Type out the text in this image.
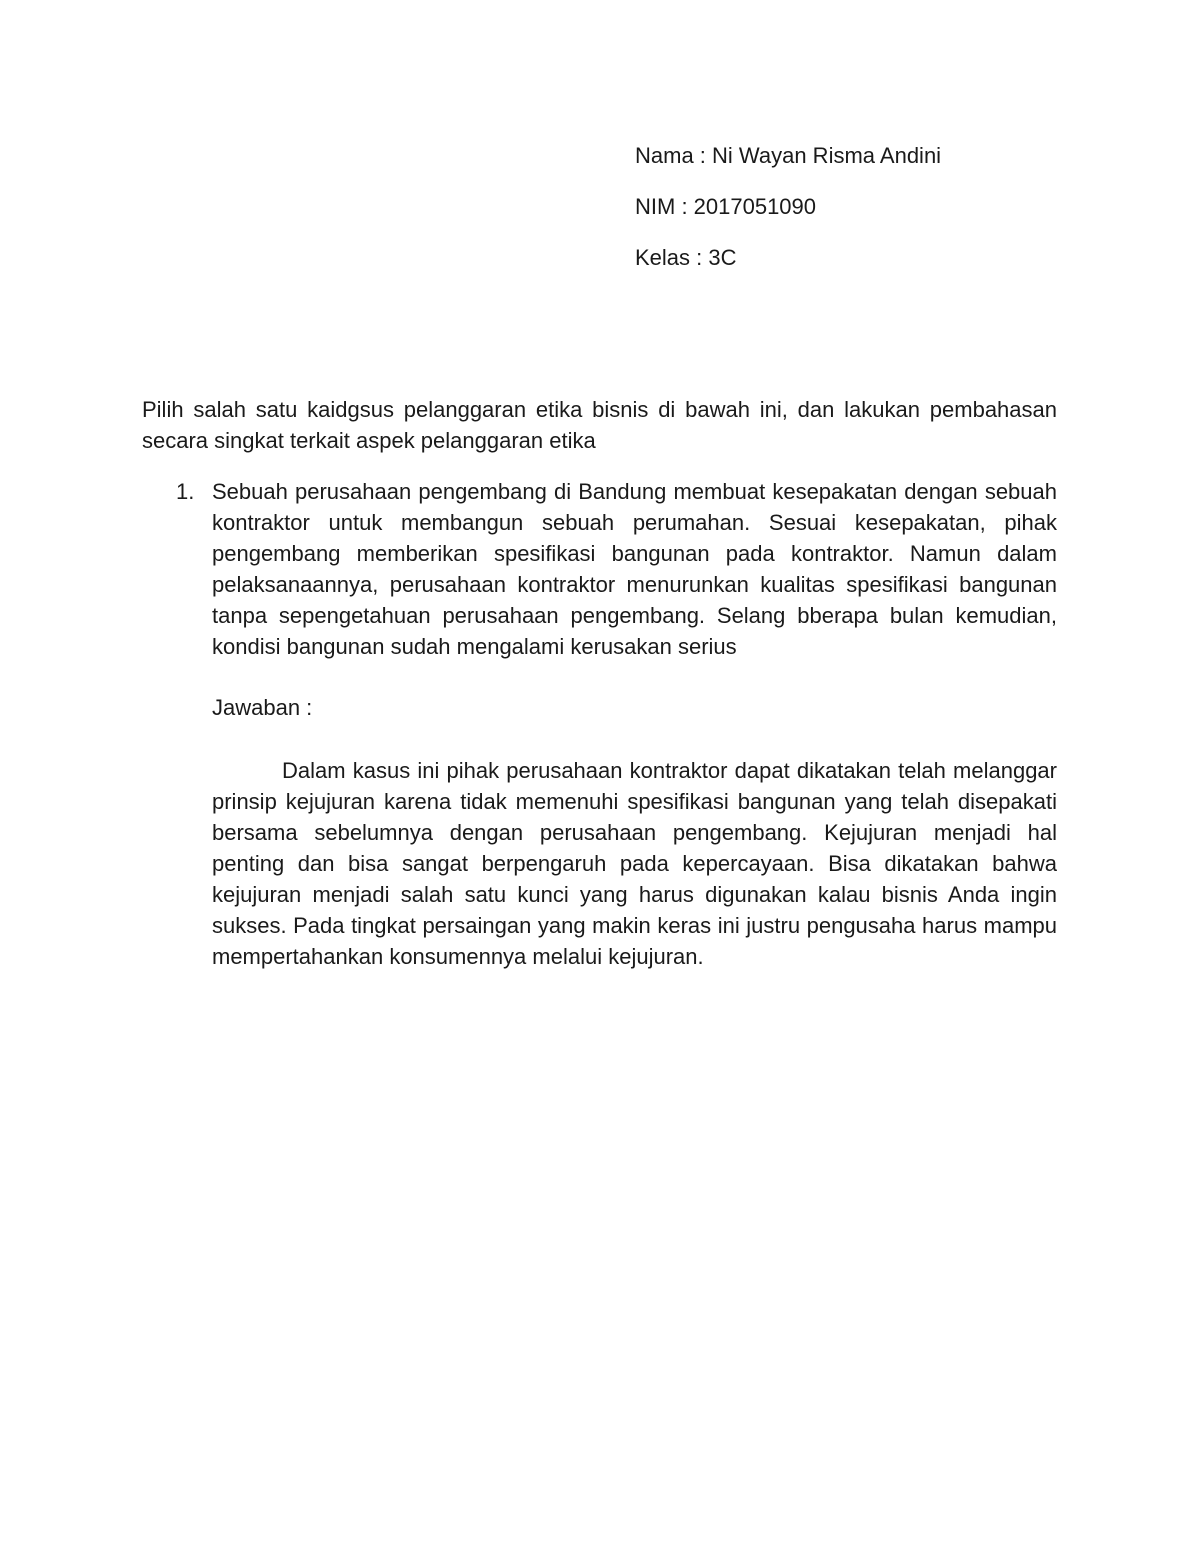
Nama : Ni Wayan Risma Andini
NIM : 2017051090
Kelas : 3C

Pilih salah satu kaidgsus pelanggaran etika bisnis di bawah ini, dan lakukan pembahasan secara singkat terkait aspek pelanggaran etika

1. Sebuah perusahaan pengembang di Bandung membuat kesepakatan dengan sebuah kontraktor untuk membangun sebuah perumahan. Sesuai kesepakatan, pihak pengembang memberikan spesifikasi bangunan pada kontraktor. Namun dalam pelaksanaannya, perusahaan kontraktor menurunkan kualitas spesifikasi bangunan tanpa sepengetahuan perusahaan pengembang. Selang bberapa bulan kemudian, kondisi bangunan sudah mengalami kerusakan serius

Jawaban :

Dalam kasus ini pihak perusahaan kontraktor dapat dikatakan telah melanggar prinsip kejujuran karena tidak memenuhi spesifikasi bangunan yang telah disepakati bersama sebelumnya dengan perusahaan pengembang. Kejujuran menjadi hal penting dan bisa sangat berpengaruh pada kepercayaan. Bisa dikatakan bahwa kejujuran menjadi salah satu kunci yang harus digunakan kalau bisnis Anda ingin sukses. Pada tingkat persaingan yang makin keras ini justru pengusaha harus mampu mempertahankan konsumennya melalui kejujuran.
